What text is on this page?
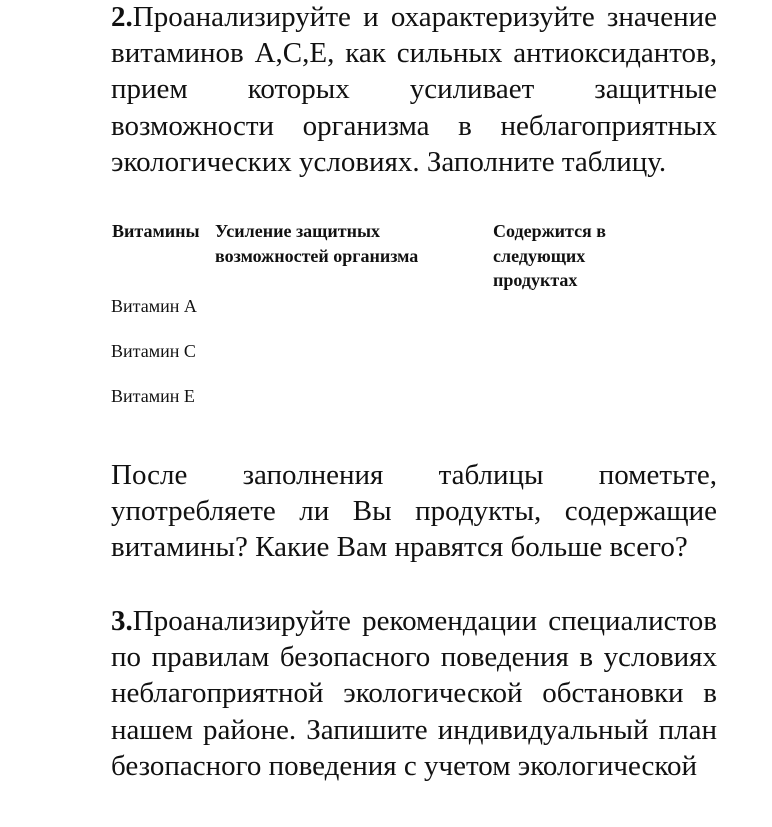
2.Проанализируйте и охарактеризуйте значение витаминов А,С,Е, как сильных антиоксидантов, прием которых усиливает защитные возможности организма в неблагоприятных экологических условиях. Заполните таблицу.

Витамины Усиление защитных возможностей организма
Содержится в следующих продуктах
Витамин А
Витамин С
Витамин Е

После заполнения таблицы пометьте, употребляете ли Вы продукты, содержащие витамины? Какие Вам нравятся больше всего?

3.Проанализируйте рекомендации специалистов по правилам безопасного поведения в условиях неблагоприятной экологической обстановки в нашем районе. Запишите индивидуальный план безопасного поведения с учетом экологической
